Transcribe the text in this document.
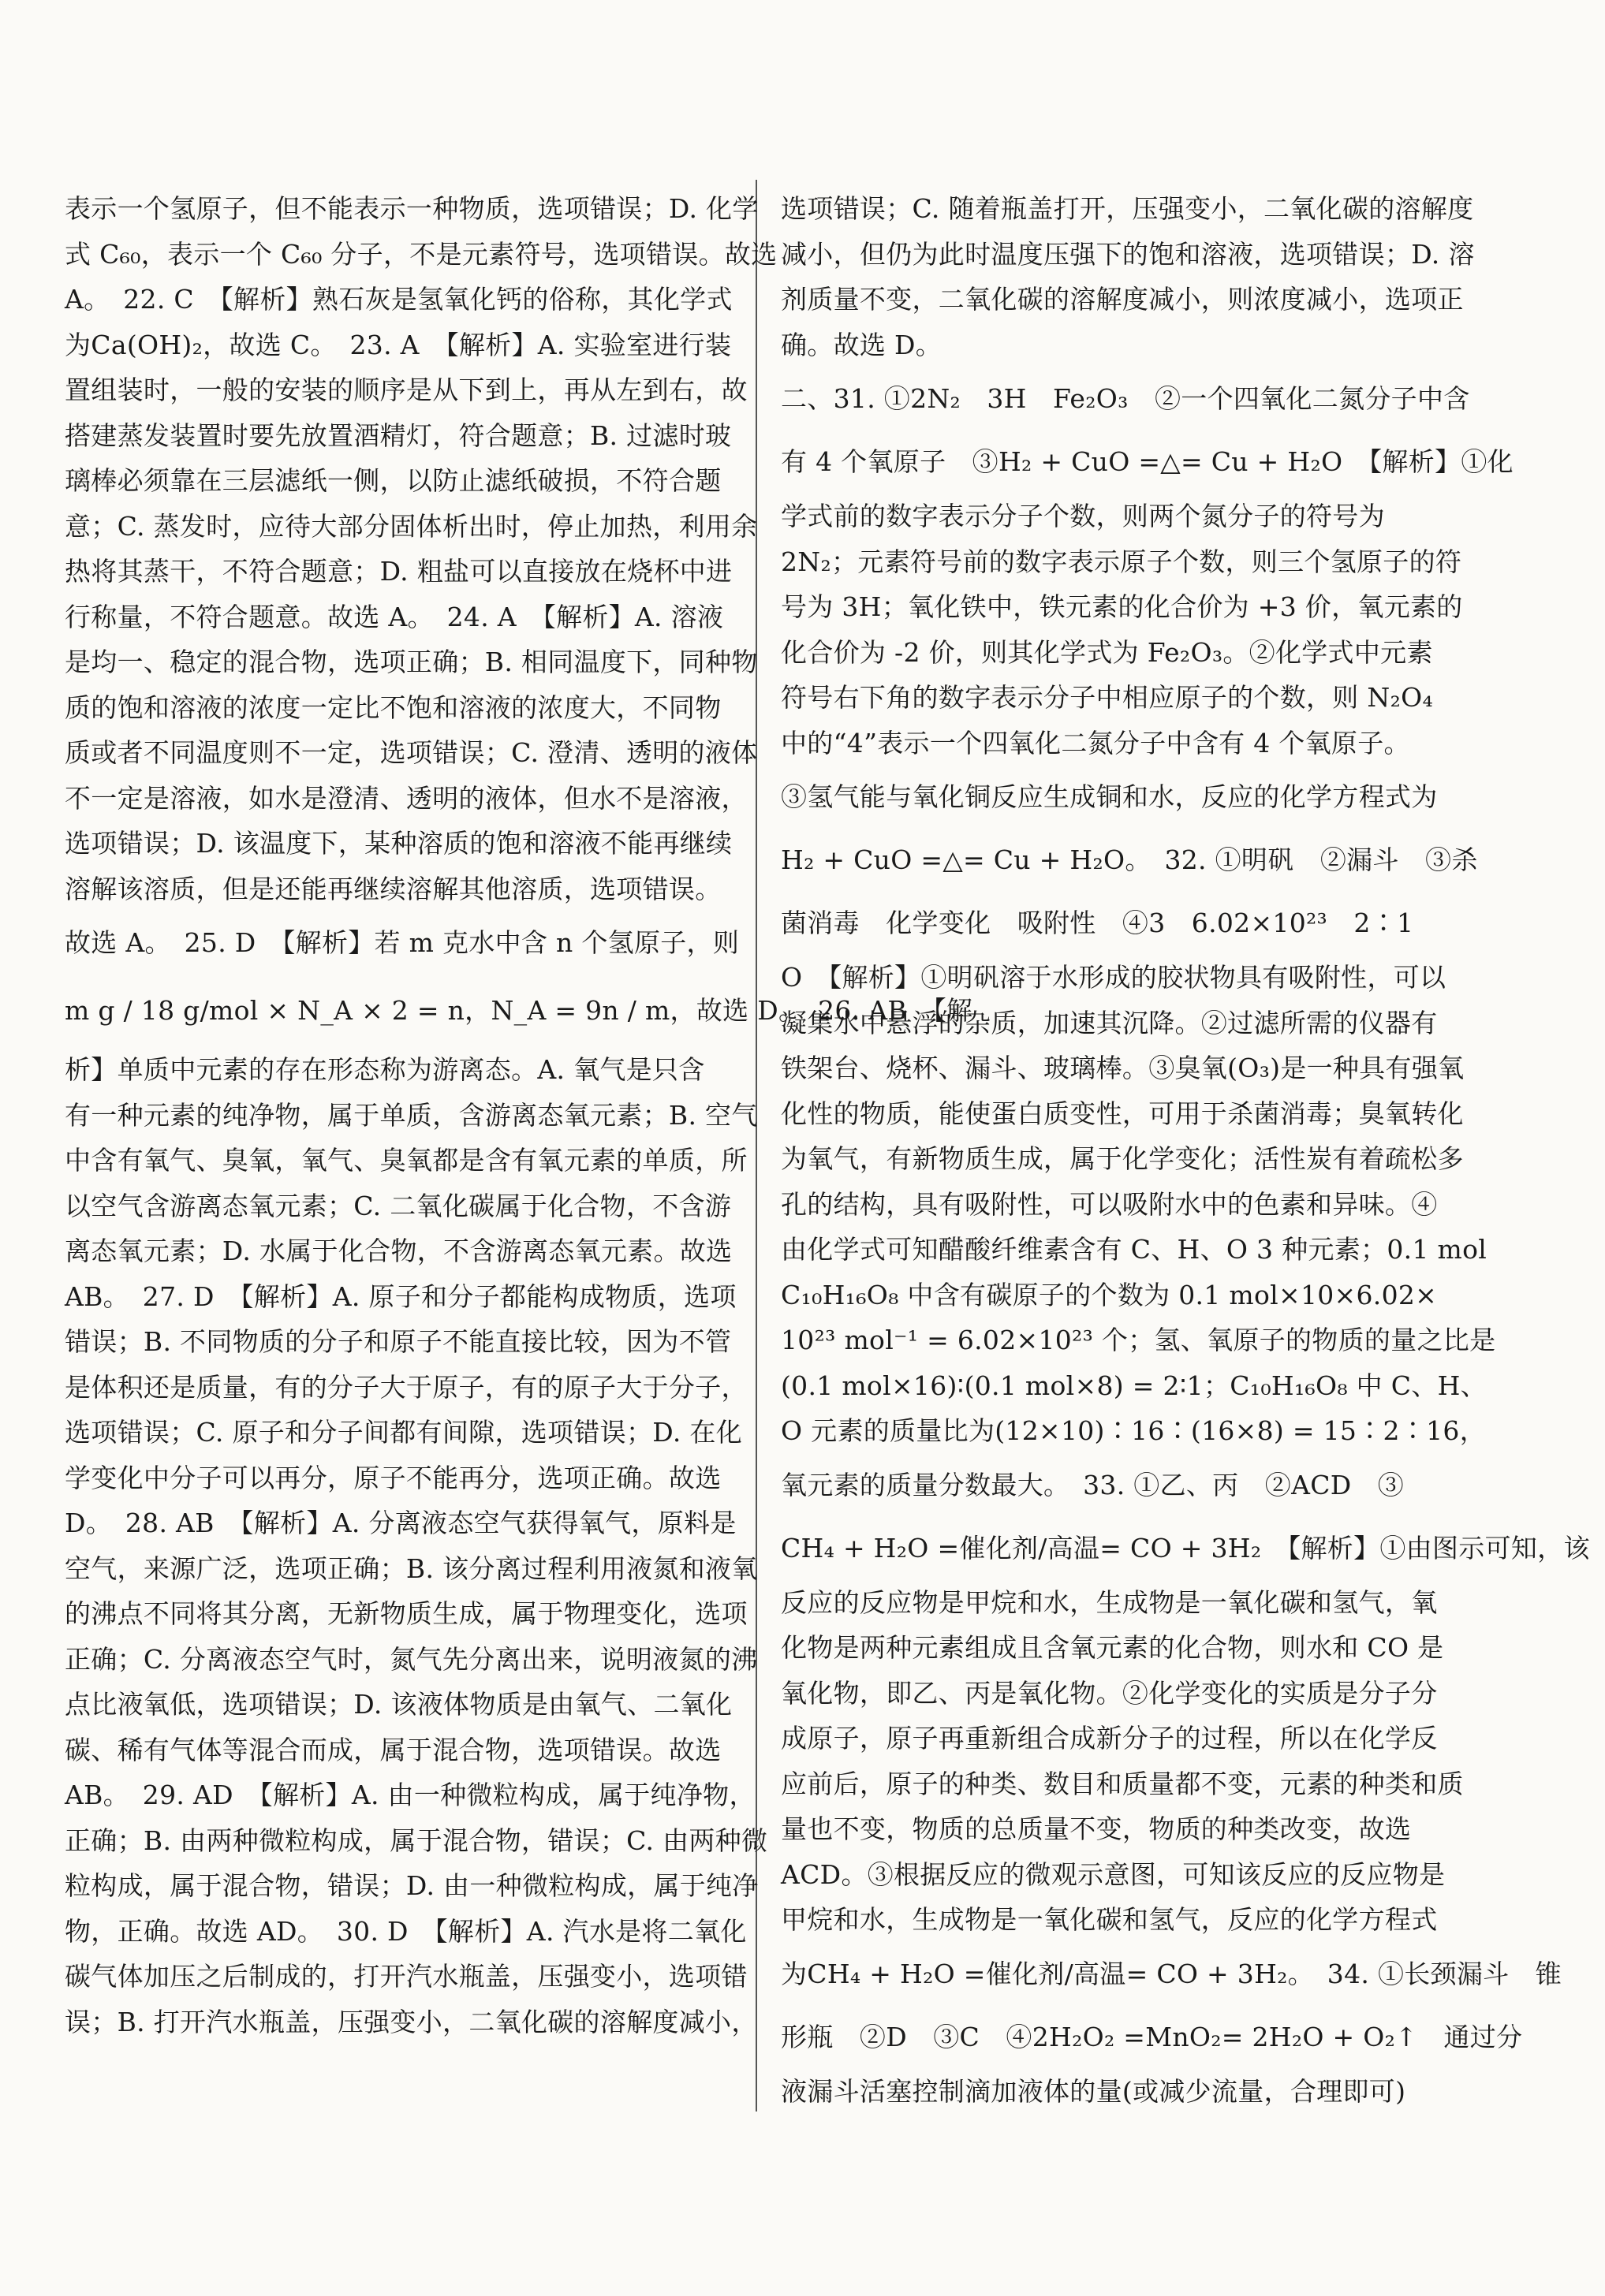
表示一个氢原子，但不能表示一种物质，选项错误；D. 化学
式 C₆₀，表示一个 C₆₀ 分子，不是元素符号，选项错误。故选
A。　22. C　【解析】熟石灰是氢氧化钙的俗称，其化学式
为Ca(OH)₂，故选 C。　23. A　【解析】A. 实验室进行装
置组装时，一般的安装的顺序是从下到上，再从左到右，故
搭建蒸发装置时要先放置酒精灯，符合题意；B. 过滤时玻
璃棒必须靠在三层滤纸一侧，以防止滤纸破损，不符合题
意；C. 蒸发时，应待大部分固体析出时，停止加热，利用余
热将其蒸干，不符合题意；D. 粗盐可以直接放在烧杯中进
行称量，不符合题意。故选 A。　24. A　【解析】A. 溶液
是均一、稳定的混合物，选项正确；B. 相同温度下，同种物
质的饱和溶液的浓度一定比不饱和溶液的浓度大，不同物
质或者不同温度则不一定，选项错误；C. 澄清、透明的液体
不一定是溶液，如水是澄清、透明的液体，但水不是溶液，
选项错误；D. 该温度下，某种溶质的饱和溶液不能再继续
溶解该溶质，但是还能再继续溶解其他溶质，选项错误。
故选 A。　25. D　【解析】若 m 克水中含 n 个氢原子，则
m g / 18 g/mol × N_A × 2 = n，N_A = 9n / m，故选 D。　26. AB　【解
析】单质中元素的存在形态称为游离态。A. 氧气是只含
有一种元素的纯净物，属于单质，含游离态氧元素；B. 空气
中含有氧气、臭氧，氧气、臭氧都是含有氧元素的单质，所
以空气含游离态氧元素；C. 二氧化碳属于化合物，不含游
离态氧元素；D. 水属于化合物，不含游离态氧元素。故选
AB。　27. D　【解析】A. 原子和分子都能构成物质，选项
错误；B. 不同物质的分子和原子不能直接比较，因为不管
是体积还是质量，有的分子大于原子，有的原子大于分子，
选项错误；C. 原子和分子间都有间隙，选项错误；D. 在化
学变化中分子可以再分，原子不能再分，选项正确。故选
D。　28. AB　【解析】A. 分离液态空气获得氧气，原料是
空气，来源广泛，选项正确；B. 该分离过程利用液氮和液氧
的沸点不同将其分离，无新物质生成，属于物理变化，选项
正确；C. 分离液态空气时，氮气先分离出来，说明液氮的沸
点比液氧低，选项错误；D. 该液体物质是由氧气、二氧化
碳、稀有气体等混合而成，属于混合物，选项错误。故选
AB。　29. AD　【解析】A. 由一种微粒构成，属于纯净物，
正确；B. 由两种微粒构成，属于混合物，错误；C. 由两种微
粒构成，属于混合物，错误；D. 由一种微粒构成，属于纯净
物，正确。故选 AD。　30. D　【解析】A. 汽水是将二氧化
碳气体加压之后制成的，打开汽水瓶盖，压强变小，选项错
误；B. 打开汽水瓶盖，压强变小，二氧化碳的溶解度减小，
选项错误；C. 随着瓶盖打开，压强变小，二氧化碳的溶解度
减小，但仍为此时温度压强下的饱和溶液，选项错误；D. 溶
剂质量不变，二氧化碳的溶解度减小，则浓度减小，选项正
确。故选 D。
二、31. ①2N₂　3H　Fe₂O₃　②一个四氧化二氮分子中含
有 4 个氧原子　③H₂ + CuO =△= Cu + H₂O　【解析】①化
学式前的数字表示分子个数，则两个氮分子的符号为
2N₂；元素符号前的数字表示原子个数，则三个氢原子的符
号为 3H；氧化铁中，铁元素的化合价为 +3 价，氧元素的
化合价为 -2 价，则其化学式为 Fe₂O₃。②化学式中元素
符号右下角的数字表示分子中相应原子的个数，则 N₂O₄
中的“4”表示一个四氧化二氮分子中含有 4 个氧原子。
③氢气能与氧化铜反应生成铜和水，反应的化学方程式为
H₂ + CuO =△= Cu + H₂O。　32. ①明矾　②漏斗　③杀
菌消毒　化学变化　吸附性　④3　6.02×10²³　2∶1
O　【解析】①明矾溶于水形成的胶状物具有吸附性，可以
凝集水中悬浮的杂质，加速其沉降。②过滤所需的仪器有
铁架台、烧杯、漏斗、玻璃棒。③臭氧(O₃)是一种具有强氧
化性的物质，能使蛋白质变性，可用于杀菌消毒；臭氧转化
为氧气，有新物质生成，属于化学变化；活性炭有着疏松多
孔的结构，具有吸附性，可以吸附水中的色素和异味。④
由化学式可知醋酸纤维素含有 C、H、O 3 种元素；0.1 mol
C₁₀H₁₆O₈ 中含有碳原子的个数为 0.1 mol×10×6.02×
10²³ mol⁻¹ = 6.02×10²³ 个；氢、氧原子的物质的量之比是
(0.1 mol×16)∶(0.1 mol×8) = 2∶1；C₁₀H₁₆O₈ 中 C、H、
O 元素的质量比为(12×10)∶16∶(16×8) = 15∶2∶16，
氧元素的质量分数最大。　33. ①乙、丙　②ACD　③
CH₄ + H₂O =催化剂/高温= CO + 3H₂　【解析】①由图示可知，该
反应的反应物是甲烷和水，生成物是一氧化碳和氢气，氧
化物是两种元素组成且含氧元素的化合物，则水和 CO 是
氧化物，即乙、丙是氧化物。②化学变化的实质是分子分
成原子，原子再重新组合成新分子的过程，所以在化学反
应前后，原子的种类、数目和质量都不变，元素的种类和质
量也不变，物质的总质量不变，物质的种类改变，故选
ACD。③根据反应的微观示意图，可知该反应的反应物是
甲烷和水，生成物是一氧化碳和氢气，反应的化学方程式
为CH₄ + H₂O =催化剂/高温= CO + 3H₂。　34. ①长颈漏斗　锥
形瓶　②D　③C　④2H₂O₂ =MnO₂= 2H₂O + O₂↑　通过分
液漏斗活塞控制滴加液体的量(或减少流量，合理即可)
